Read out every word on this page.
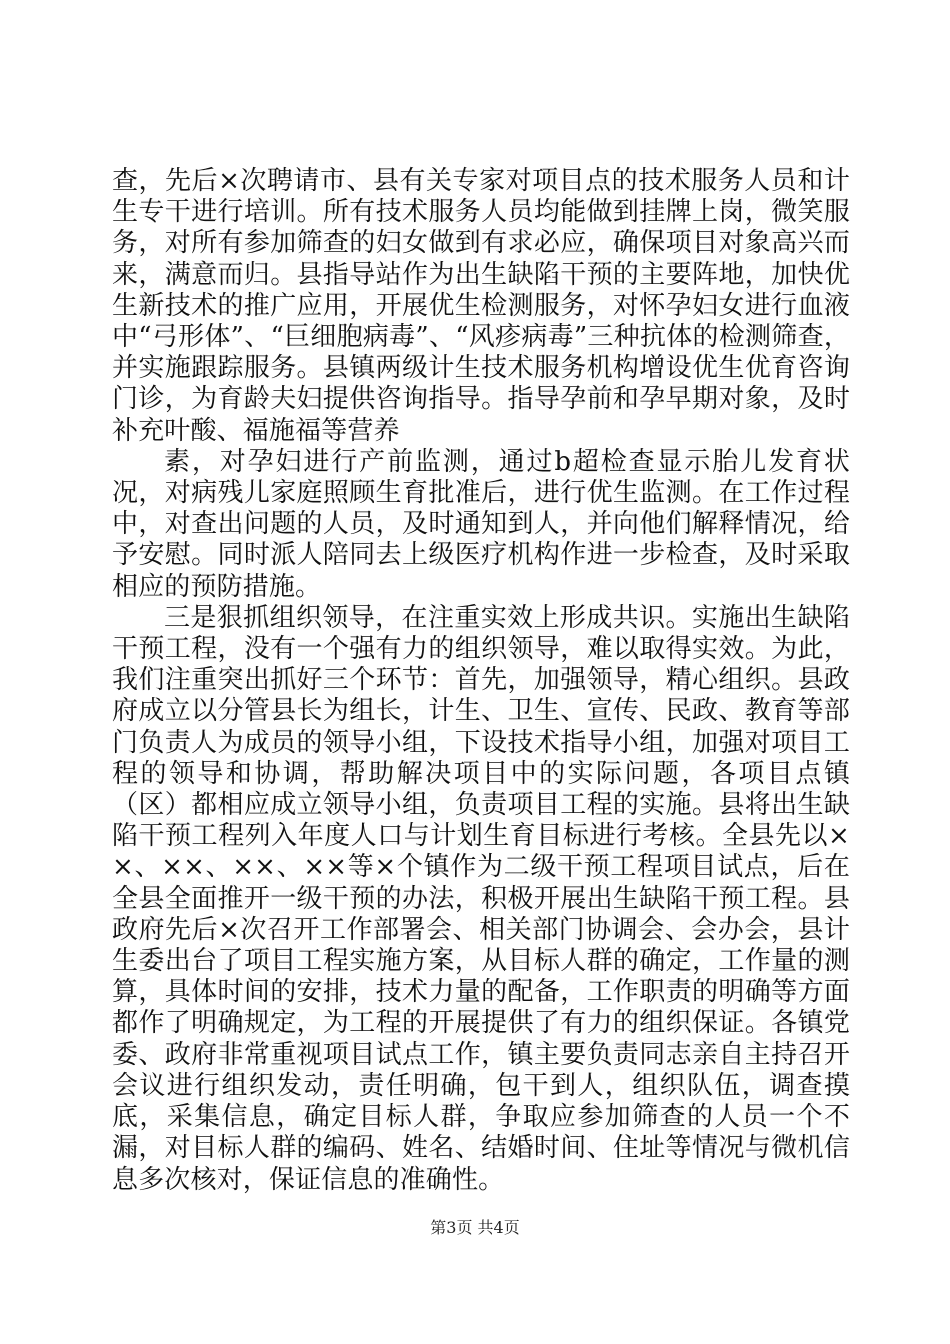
查，先后×次聘请市、县有关专家对项目点的技术服务人员和计生专干进行培训。所有技术服务人员均能做到挂牌上岗，微笑服务，对所有参加筛查的妇女做到有求必应，确保项目对象高兴而来，满意而归。县指导站作为出生缺陷干预的主要阵地，加快优生新技术的推广应用，开展优生检测服务，对怀孕妇女进行血液中“弓形体”、“巨细胞病毒”、“风疹病毒”三种抗体的检测筛查，并实施跟踪服务。县镇两级计生技术服务机构增设优生优育咨询门诊，为育龄夫妇提供咨询指导。指导孕前和孕早期对象，及时补充叶酸、福施福等营养

素，对孕妇进行产前监测，通过b超检查显示胎儿发育状况，对病残儿家庭照顾生育批准后，进行优生监测。在工作过程中，对查出问题的人员，及时通知到人，并向他们解释情况，给予安慰。同时派人陪同去上级医疗机构作进一步检查，及时采取相应的预防措施。

三是狠抓组织领导，在注重实效上形成共识。实施出生缺陷干预工程，没有一个强有力的组织领导，难以取得实效。为此，我们注重突出抓好三个环节：首先，加强领导，精心组织。县政府成立以分管县长为组长，计生、卫生、宣传、民政、教育等部门负责人为成员的领导小组，下设技术指导小组，加强对项目工程的领导和协调，帮助解决项目中的实际问题，各项目点镇（区）都相应成立领导小组，负责项目工程的实施。县将出生缺陷干预工程列入年度人口与计划生育目标进行考核。全县先以××、××、××、××等×个镇作为二级干预工程项目试点，后在全县全面推开一级干预的办法，积极开展出生缺陷干预工程。县政府先后×次召开工作部署会、相关部门协调会、会办会，县计生委出台了项目工程实施方案，从目标人群的确定，工作量的测算，具体时间的安排，技术力量的配备，工作职责的明确等方面都作了明确规定，为工程的开展提供了有力的组织保证。各镇党委、政府非常重视项目试点工作，镇主要负责同志亲自主持召开会议进行组织发动，责任明确，包干到人，组织队伍，调查摸底，采集信息，确定目标人群，争取应参加筛查的人员一个不漏，对目标人群的编码、姓名、结婚时间、住址等情况与微机信息多次核对，保证信息的准确性。

第3页 共4页
